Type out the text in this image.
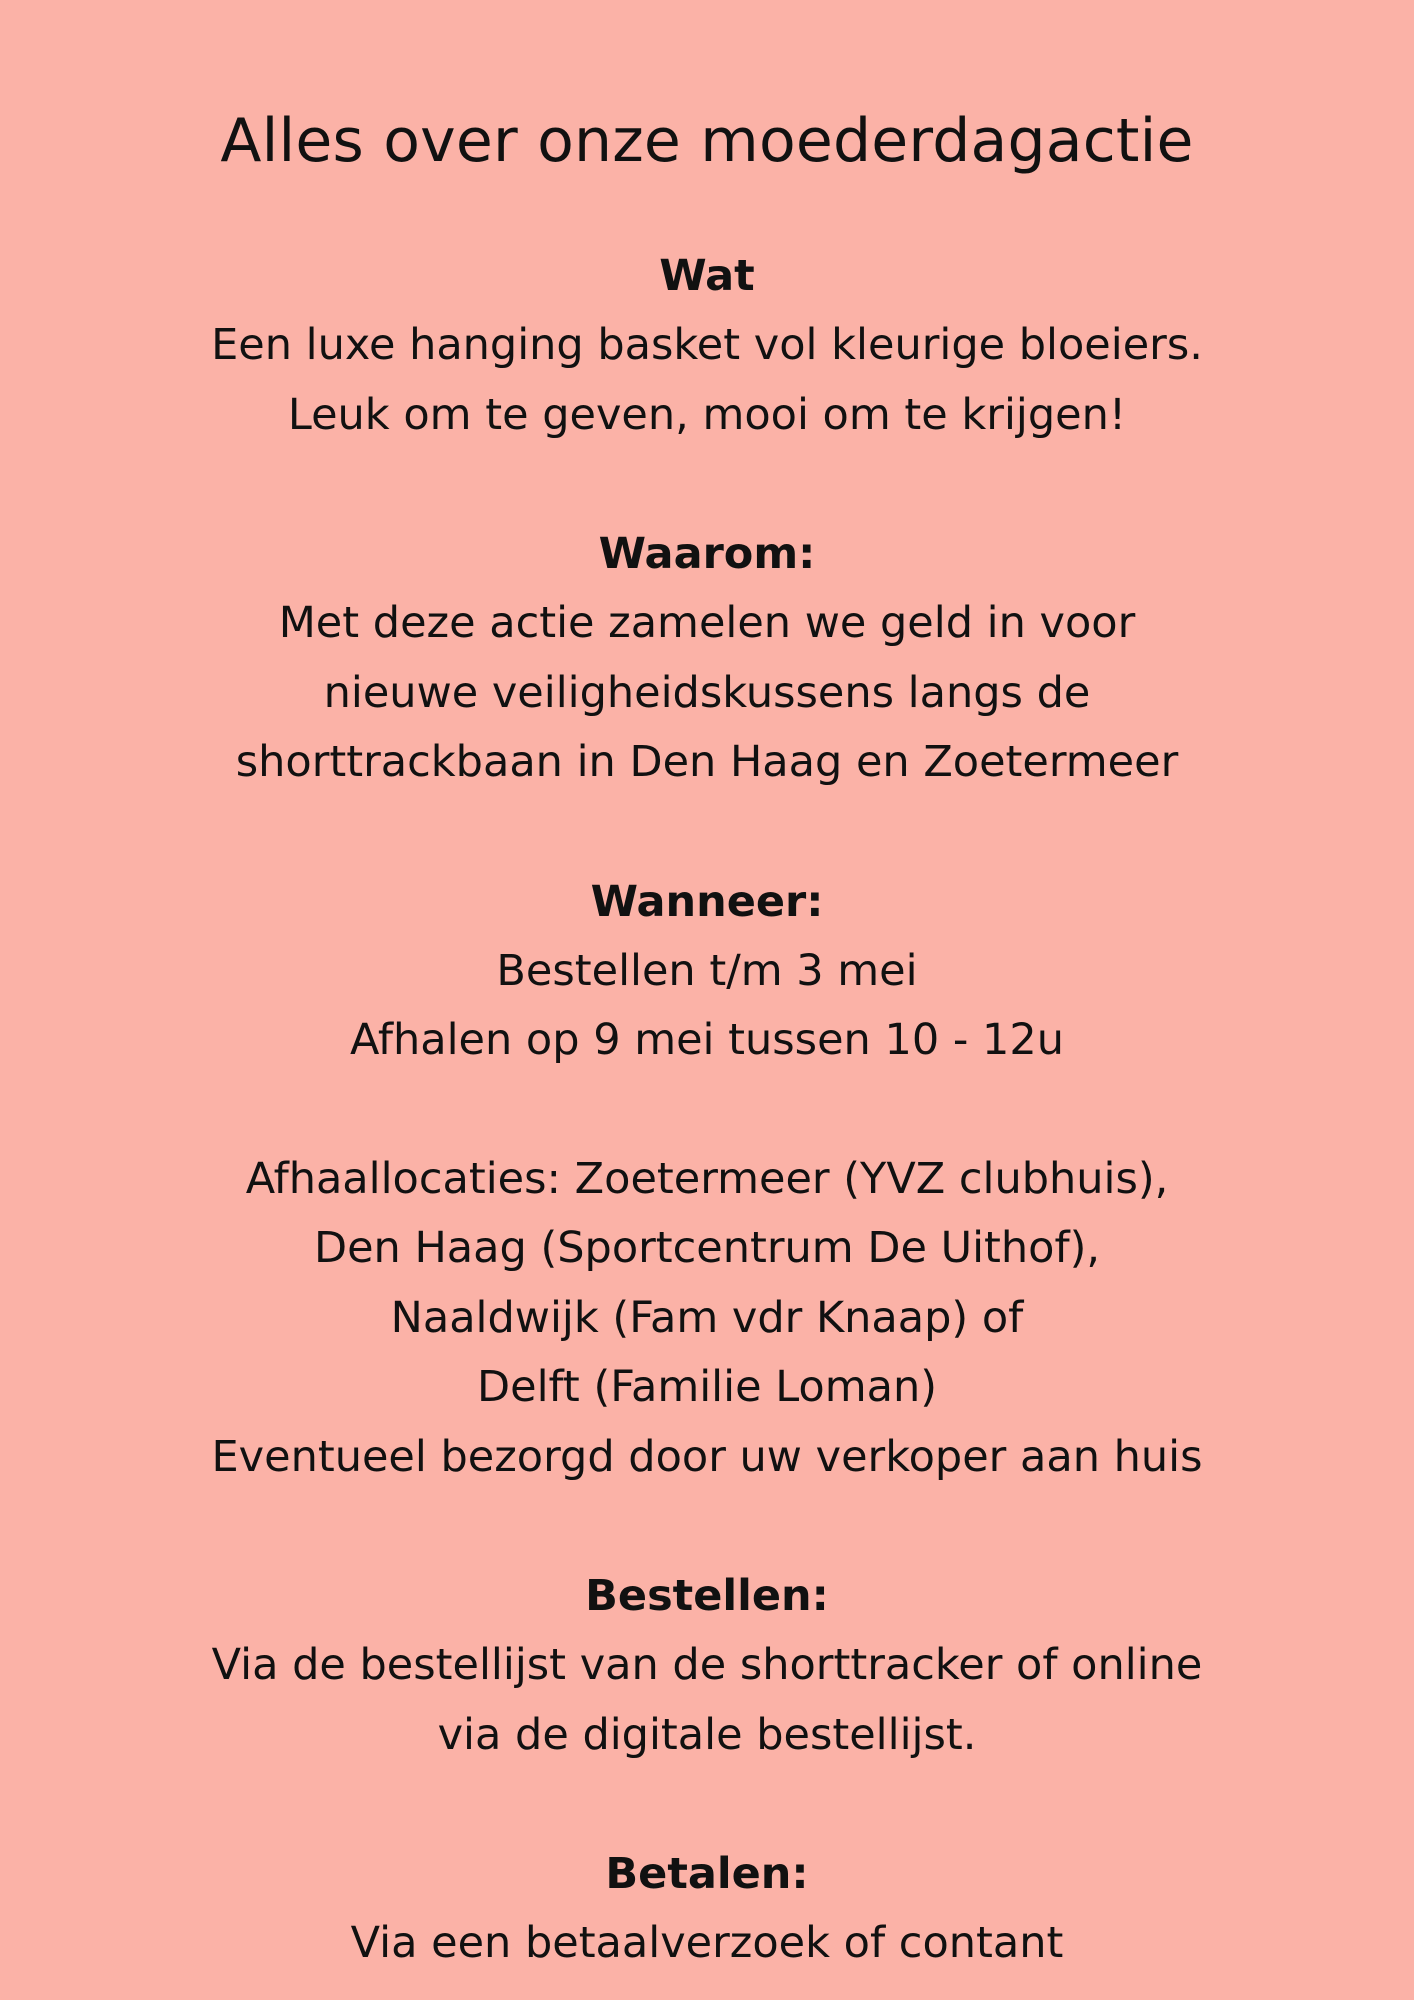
Alles over onze moederdagactie
Wat

Een luxe hanging basket vol kleurige bloeiers.
Leuk om te geven, mooi om te krijgen!

Waarom:

Met deze actie zamelen we geld in voor
nieuwe veiligheidskussens langs de
shorttrackbaan in Den Haag en Zoetermeer

Wanneer:

Bestellen t/m 3 mei
Afhalen op 9 mei tussen 10 - 12u

Afhaallocaties: Zoetermeer (YVZ clubhuis),
Den Haag (Sportcentrum De Uithof),
Naaldwijk (Fam vdr Knaap) of
Delft (Familie Loman)
Eventueel bezorgd door uw verkoper aan huis

Bestellen:

Via de bestellijst van de shorttracker of online
via de digitale bestellijst.

Betalen:

Via een betaalverzoek of contant
